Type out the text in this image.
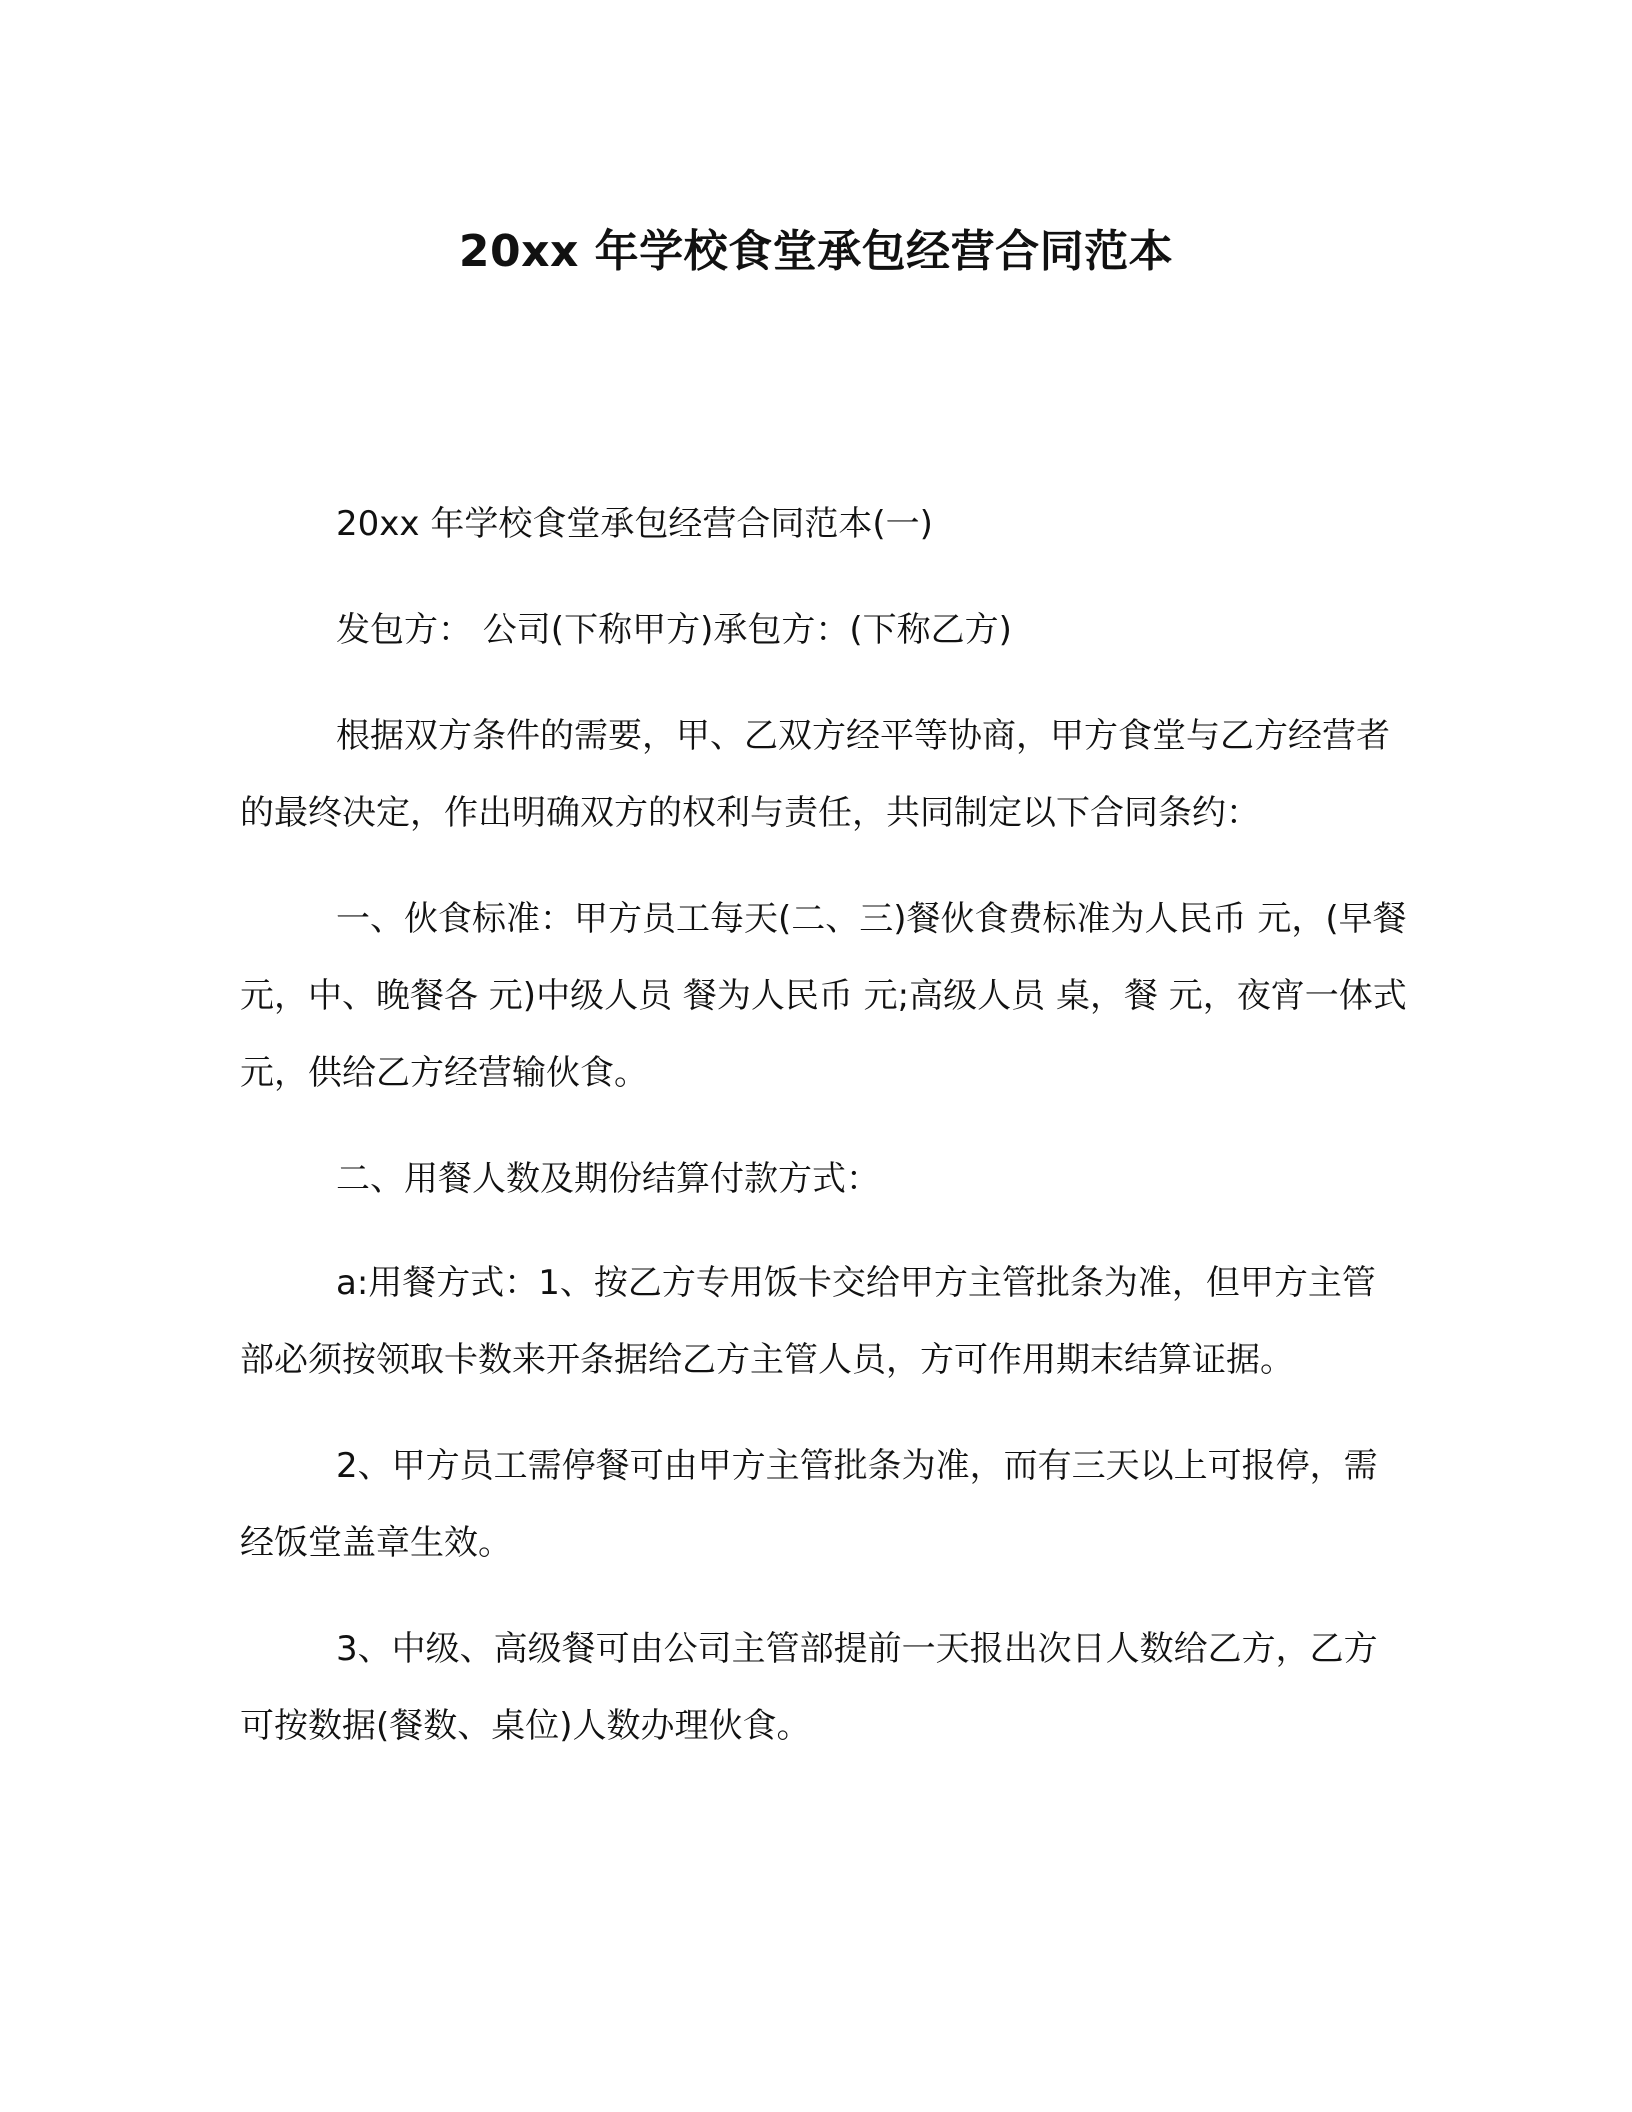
20xx 年学校食堂承包经营合同范本

20xx 年学校食堂承包经营合同范本(一)

发包方： 公司(下称甲方)承包方：(下称乙方)

根据双方条件的需要，甲、乙双方经平等协商，甲方食堂与乙方经营者的最终决定，作出明确双方的权利与责任，共同制定以下合同条约：

一、伙食标准：甲方员工每天(二、三)餐伙食费标准为人民币 元，(早餐 元，中、晚餐各 元)中级人员 餐为人民币 元;高级人员 桌，餐 元，夜宵一体式 元，供给乙方经营输伙食。

二、用餐人数及期份结算付款方式：

a:用餐方式：1、按乙方专用饭卡交给甲方主管批条为准，但甲方主管部必须按领取卡数来开条据给乙方主管人员，方可作用期末结算证据。

2、甲方员工需停餐可由甲方主管批条为准，而有三天以上可报停，需经饭堂盖章生效。

3、中级、高级餐可由公司主管部提前一天报出次日人数给乙方，乙方可按数据(餐数、桌位)人数办理伙食。
